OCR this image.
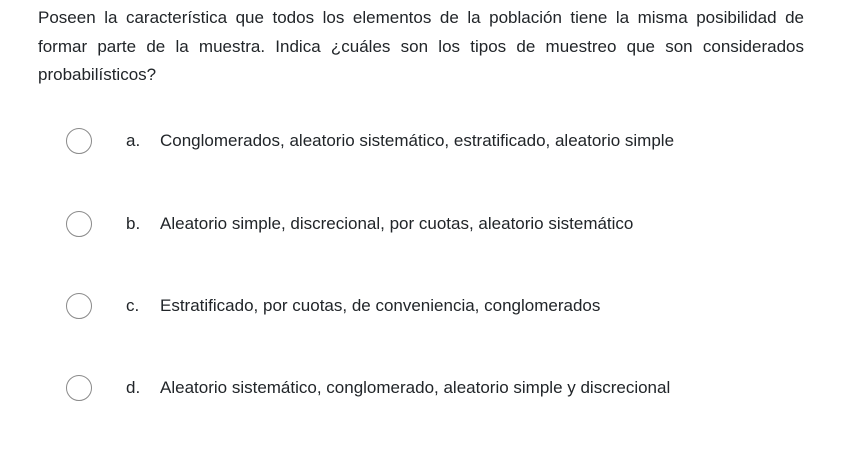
Poseen la característica que todos los elementos de la población tiene la misma posibilidad de formar parte de la muestra. Indica ¿cuáles son los tipos de muestreo que son considerados probabilísticos?

a.	Conglomerados, aleatorio sistemático, estratificado, aleatorio simple
b.	Aleatorio simple, discrecional, por cuotas, aleatorio sistemático
c.	Estratificado, por cuotas, de conveniencia, conglomerados
d.	Aleatorio sistemático, conglomerado, aleatorio simple y discrecional
